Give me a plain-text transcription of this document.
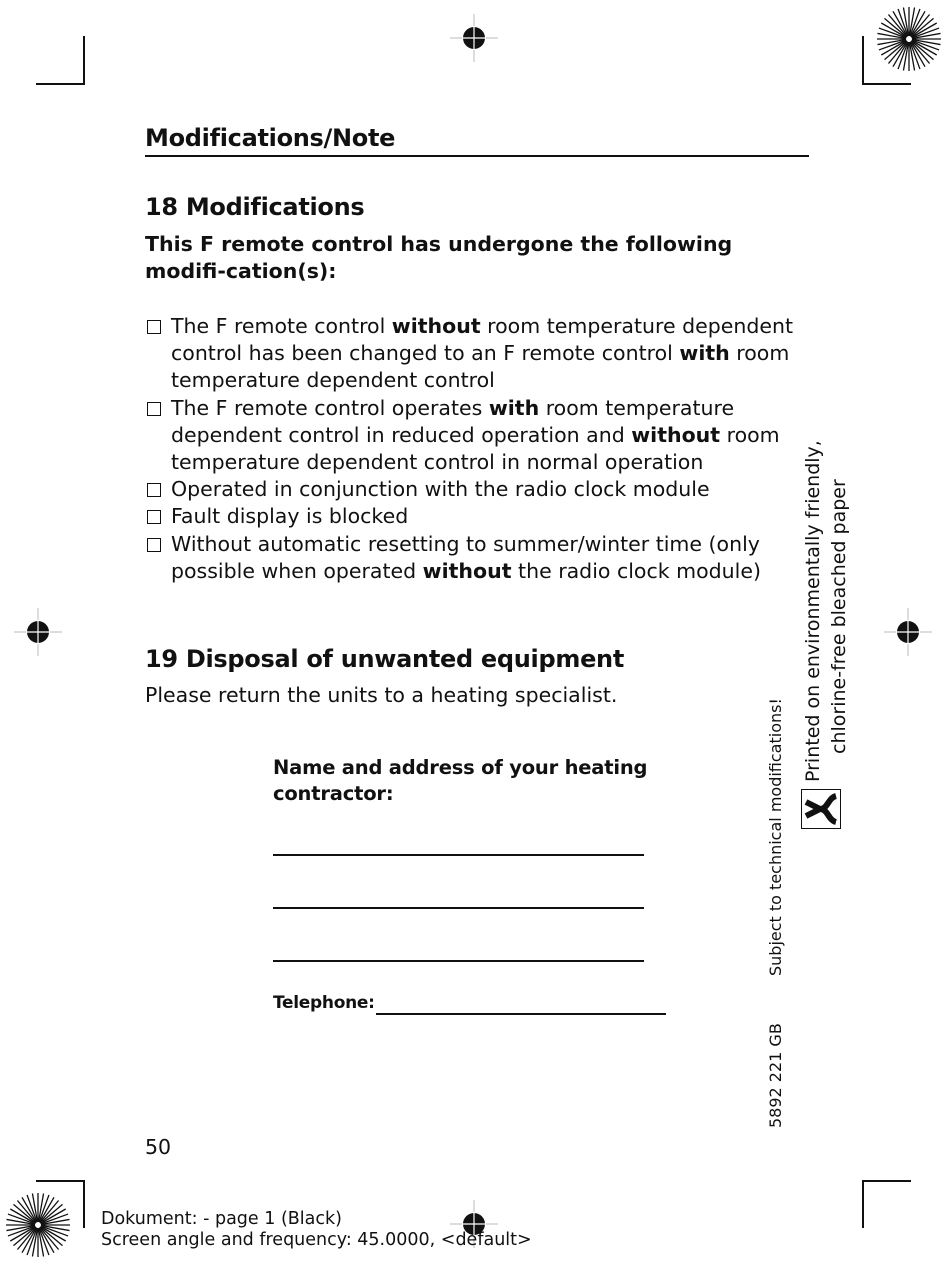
Modifications/Note
18 Modifications
This F remote control has undergone the following modifi-cation(s):
The F remote control without room temperature dependent control has been changed to an F remote control with room temperature dependent control
The F remote control operates with room temperature dependent control in reduced operation and without room temperature dependent control in normal operation
Operated in conjunction with the radio clock module
Fault display is blocked
Without automatic resetting to summer/winter time (only possible when operated without the radio clock module)
19 Disposal of unwanted equipment
Please return the units to a heating specialist.
Name and address of your heating contractor:
Telephone:
5892 221 GB
Subject to technical modifications!
Printed on environmentally friendly, chlorine-free bleached paper
50
Dokument: - page 1 (Black)
Screen angle and frequency: 45.0000, <default>
